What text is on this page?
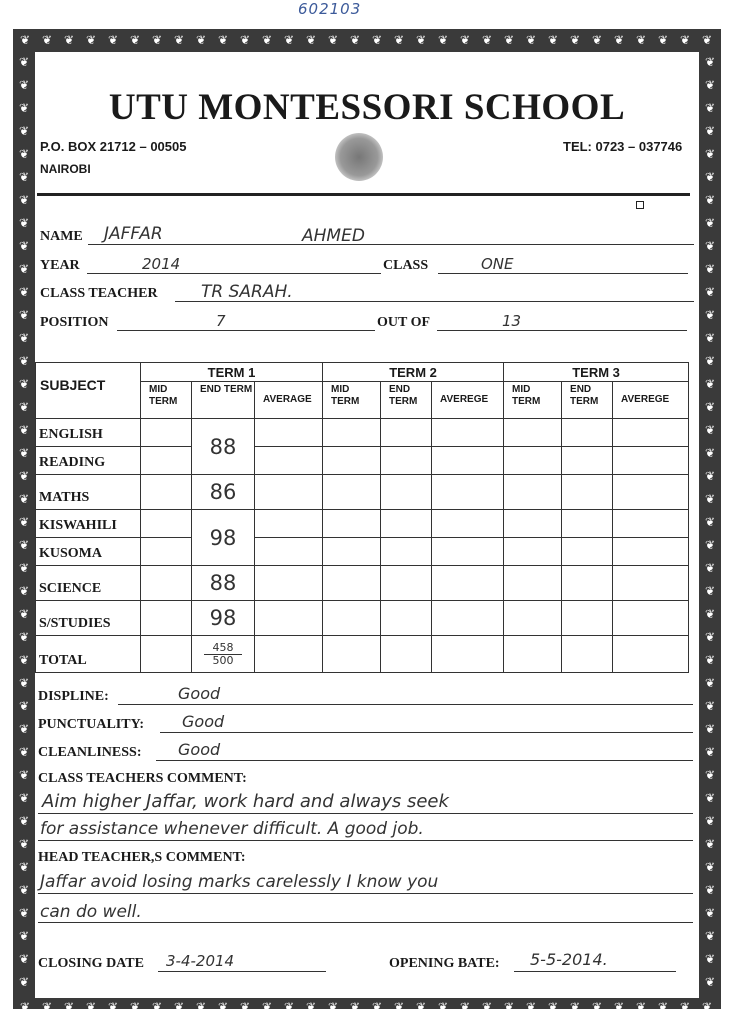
602103
❦
❦
❦
❦
❦
❦
❦
❦
❦
❦
❦
❦
❦
❦
❦
❦
❦
❦
❦
❦
❦
❦
❦
❦
❦
❦
❦
❦
❦
❦
❦
❦
❦
❦
❦
❦
❦
❦
❦
❦
❦
❦
❦
❦
❦
❦
❦
❦
❦
❦
❦
❦
❦
❦
❦
❦
❦
❦
❦
❦
❦
❦
❦
❦
❦	❦
❦	❦
❦	❦
❦	❦
❦	❦
❦	❦
❦	❦
❦	❦
❦	❦
❦	❦
❦	❦
❦	❦
❦	❦
❦	❦
❦	❦
❦	❦
❦	❦
❦	❦
❦	❦
❦	❦
❦	❦
❦	❦
❦	❦
❦	❦
❦	❦
❦	❦
❦	❦
❦	❦
❦	❦
❦	❦
❦	❦
❦	❦
❦	❦
❦	❦
❦	❦
❦	❦
❦	❦
❦	❦
❦	❦
❦	❦
❦	❦
UTU MONTESSORI SCHOOL
P.O. BOX 21712 – 00505
NAIROBI
TEL: 0723 – 037746
NAME JAFFAR	AHMED
YEAR	2014	CLASS	ONE
CLASS TEACHER	TR SARAH.
POSITION	7	OUT OF	13
SUBJECT	TERM 1			TERM 2			TERM 3		
	MID TERM	END TERM	AVERAGE	MID TERM	END TERM	AVEREGE	MID TERM	END TERM	AVEREGE
ENGLISH		88							
READING									
MATHS		86							
KISWAHILI		98							
KUSOMA									
SCIENCE		88							
S/STUDIES		98							
TOTAL		458
500							

DISPLINE:	Good
PUNCTUALITY: Good
CLEANLINESS: Good
CLASS TEACHERS COMMENT:
Aim higher Jaffar, work hard and always seek
for assistance whenever difficult. A good job.
HEAD TEACHER,S COMMENT:
Jaffar avoid losing marks carelessly I know you
can do well.
CLOSING DATE 3-4-2014	OPENING BATE: 5-5-2014.
